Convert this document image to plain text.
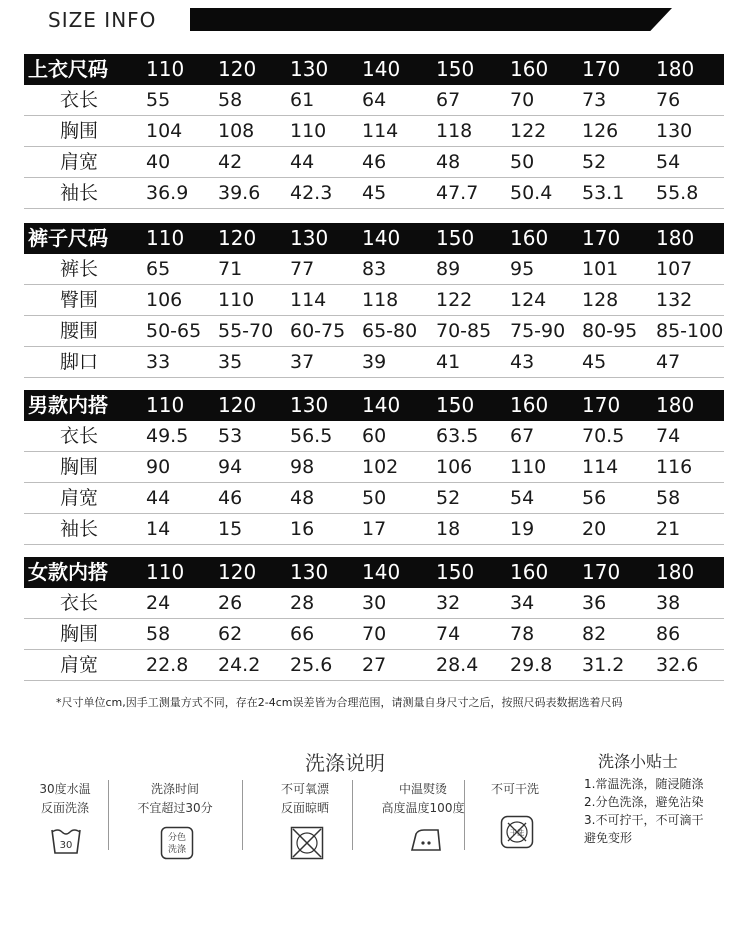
SIZE INFO
上衣尺码	110 120 130 140 150 160 170 180
衣长	55	58	61	64	67	70	73	76
胸围	104 108 110 114 118 122 126 130
肩宽	40	42	44	46	48	50	52	54
袖长	36.9 39.6 42.3 45	47.7 50.4 53.1 55.8
裤子尺码	110 120 130 140 150 160 170 180
裤长	65	71	77	83	89	95	101 107
臀围	106 110 114 118 122 124 128 132
腰围	50-65 55-70 60-75 65-80 70-85 75-90 80-95 85-100
脚口	33	35	37	39	41	43	45	47
男款内搭	110 120 130 140 150 160 170 180
衣长	49.5 53	56.5 60	63.5 67	70.5 74
胸围	90	94	98	102 106 110 114 116
肩宽	44	46	48	50	52	54	56	58
袖长	14	15	16	17	18	19	20	21
女款内搭	110 120 130 140 150 160 170 180
衣长	24	26	28	30	32	34	36	38
胸围	58	62	66	70	74	78	82	86
肩宽	22.8 24.2 25.6 27	28.4 29.8 31.2 32.6
*尺寸单位cm,因手工测量方式不同，存在2-4cm误差皆为合理范围，请测量自身尺寸之后，按照尺码表数据选着尺码
洗涤说明	洗涤小贴士
30度水温
反面洗涤
30
洗涤时间
不宜超过30分
分色
洗涤
不可氧漂
反面晾晒
中温熨烫
高度温度100度
不可干洗
干洗
1.常温洗涤，随浸随涤
2.分色洗涤，避免沾染
3.不可拧干，不可滴干
避免变形
